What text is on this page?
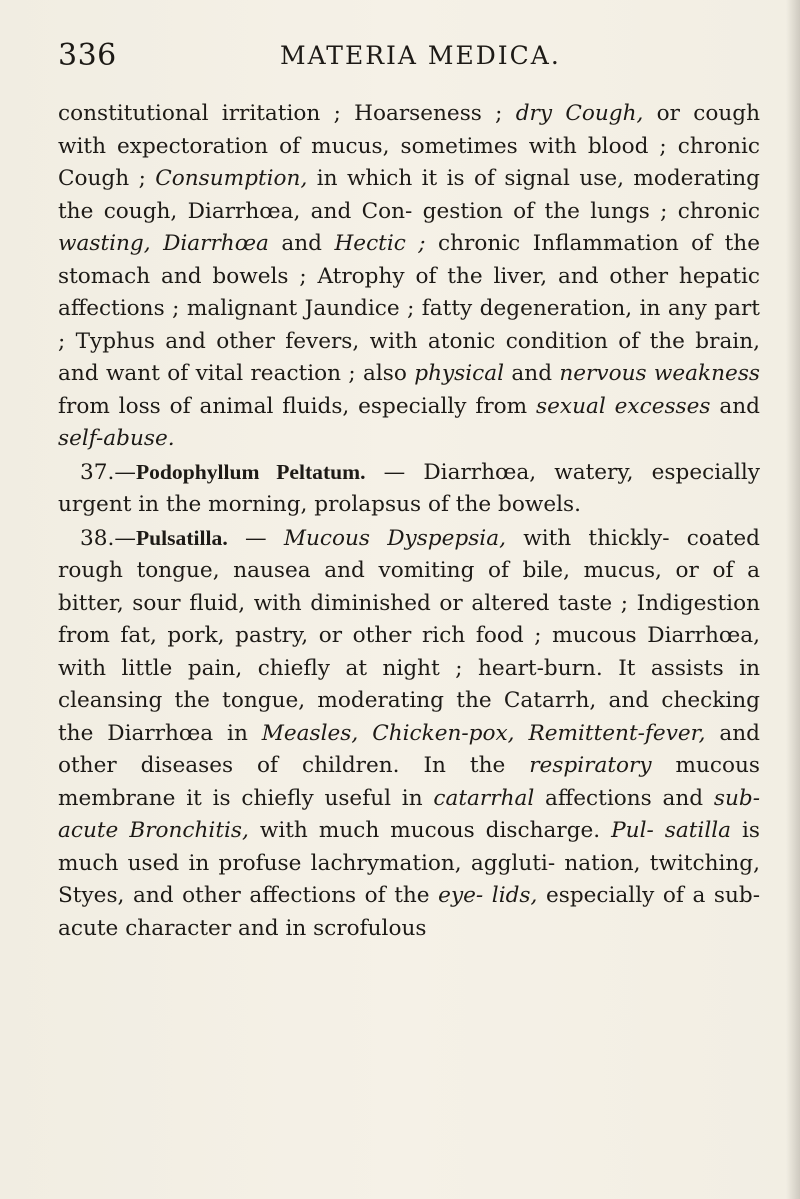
336	MATERIA MEDICA.

constitutional irritation ; Hoarseness ; dry Cough, or cough with expectoration of mucus, sometimes with blood ; chronic Cough ; Consumption, in which it is of signal use, moderating the cough, Diarrhœa, and Con- gestion of the lungs ; chronic wasting, Diarrhœa and Hectic ; chronic Inflammation of the stomach and bowels ; Atrophy of the liver, and other hepatic affections ; malignant Jaundice ; fatty degeneration, in any part ; Typhus and other fevers, with atonic condition of the brain, and want of vital reaction ; also physical and nervous weakness from loss of animal fluids, especially from sexual excesses and self-abuse.

37.—Podophyllum Peltatum. — Diarrhœa, watery, especially urgent in the morning, prolapsus of the bowels.

38.—Pulsatilla. — Mucous Dyspepsia, with thickly- coated rough tongue, nausea and vomiting of bile, mucus, or of a bitter, sour fluid, with diminished or altered taste ; Indigestion from fat, pork, pastry, or other rich food ; mucous Diarrhœa, with little pain, chiefly at night ; heart-burn. It assists in cleansing the tongue, moderating the Catarrh, and checking the Diarrhœa in Measles, Chicken-pox, Remittent-fever, and other diseases of children. In the respiratory mucous membrane it is chiefly useful in catarrhal affections and sub-acute Bronchitis, with much mucous discharge. Pul- satilla is much used in profuse lachrymation, aggluti- nation, twitching, Styes, and other affections of the eye- lids, especially of a sub-acute character and in scrofulous
